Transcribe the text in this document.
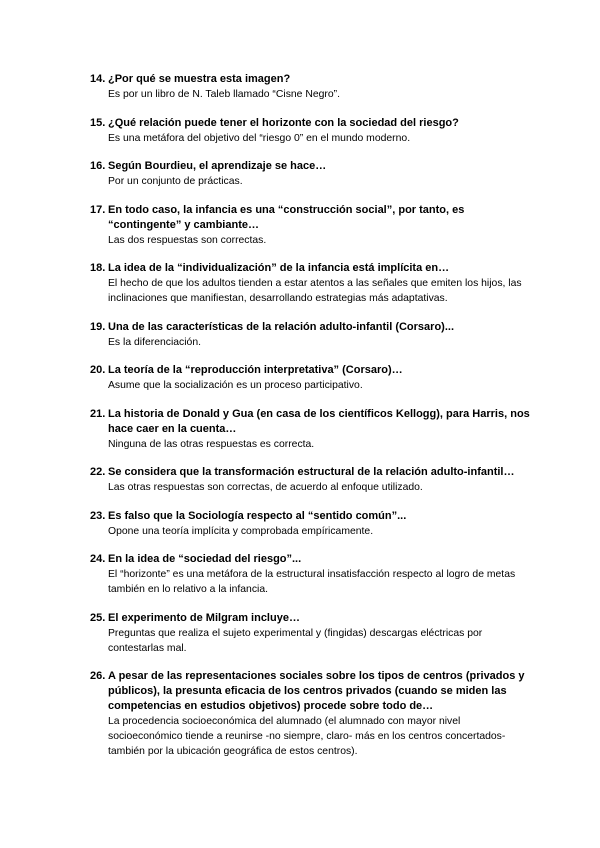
14. ¿Por qué se muestra esta imagen?

Es por un libro de N. Taleb llamado “Cisne Negro”.

15. ¿Qué relación puede tener el horizonte con la sociedad del riesgo?

Es una metáfora del objetivo del “riesgo 0” en el mundo moderno.

16. Según Bourdieu, el aprendizaje se hace…

Por un conjunto de prácticas.

17. En todo caso, la infancia es una “construcción social”, por tanto, es “contingente” y cambiante…

Las dos respuestas son correctas.

18. La idea de la “individualización” de la infancia está implícita en…

El hecho de que los adultos tienden a estar atentos a las señales que emiten los hijos, las inclinaciones que manifiestan, desarrollando estrategias más adaptativas.

19. Una de las características de la relación adulto-infantil (Corsaro)...

Es la diferenciación.

20. La teoría de la “reproducción interpretativa” (Corsaro)…

Asume que la socialización es un proceso participativo.

21. La historia de Donald y Gua (en casa de los científicos Kellogg), para Harris, nos hace caer en la cuenta…

Ninguna de las otras respuestas es correcta.

22. Se considera que la transformación estructural de la relación adulto-infantil…

Las otras respuestas son correctas, de acuerdo al enfoque utilizado.

23. Es falso que la Sociología respecto al “sentido común”...

Opone una teoría implícita y comprobada empíricamente.

24. En la idea de “sociedad del riesgo”...

El “horizonte” es una metáfora de la estructural insatisfacción respecto al logro de metas también en lo relativo a la infancia.

25. El experimento de Milgram incluye…

Preguntas que realiza el sujeto experimental y (fingidas) descargas eléctricas por contestarlas mal.

26. A pesar de las representaciones sociales sobre los tipos de centros (privados y públicos), la presunta eficacia de los centros privados (cuando se miden las competencias en estudios objetivos) procede sobre todo de…

La procedencia socioeconómica del alumnado (el alumnado con mayor nivel socioeconómico tiende a reunirse -no siempre, claro- más en los centros concertados- también por la ubicación geográfica de estos centros).
